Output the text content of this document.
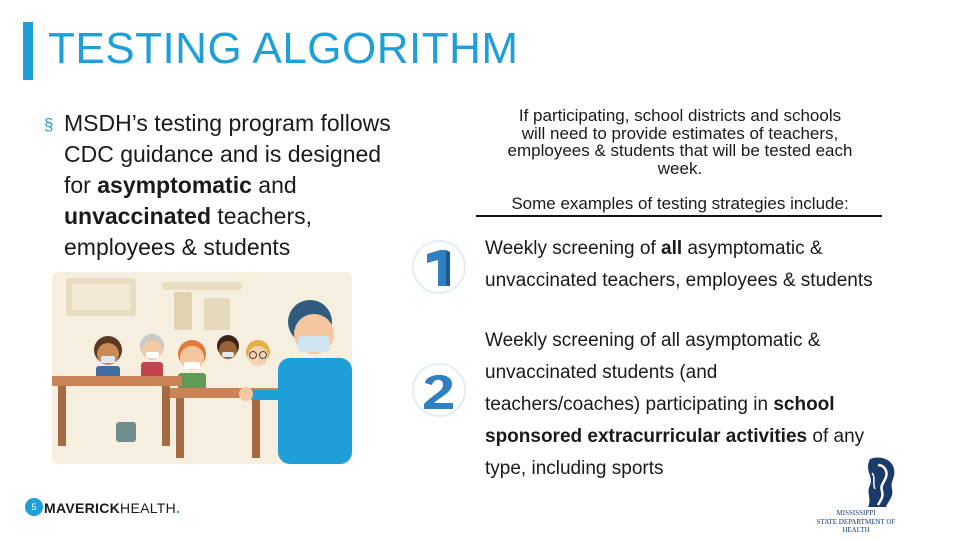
TESTING ALGORITHM
§ MSDH’s testing program follows CDC guidance and is designed for asymptomatic and unvaccinated teachers, employees & students
If participating, school districts and schools
will need to provide estimates of teachers,
employees & students that will be tested each
week.
Some examples of testing strategies include:
Weekly screening of all asymptomatic &
unvaccinated teachers, employees & students
Weekly screening of all asymptomatic &
unvaccinated students (and
teachers/coaches) participating in school
sponsored extracurricular activities of any
type, including sports
MISSISSIPPI
STATE DEPARTMENT OF HEALTH
5 MAVERICKHEALTH.
